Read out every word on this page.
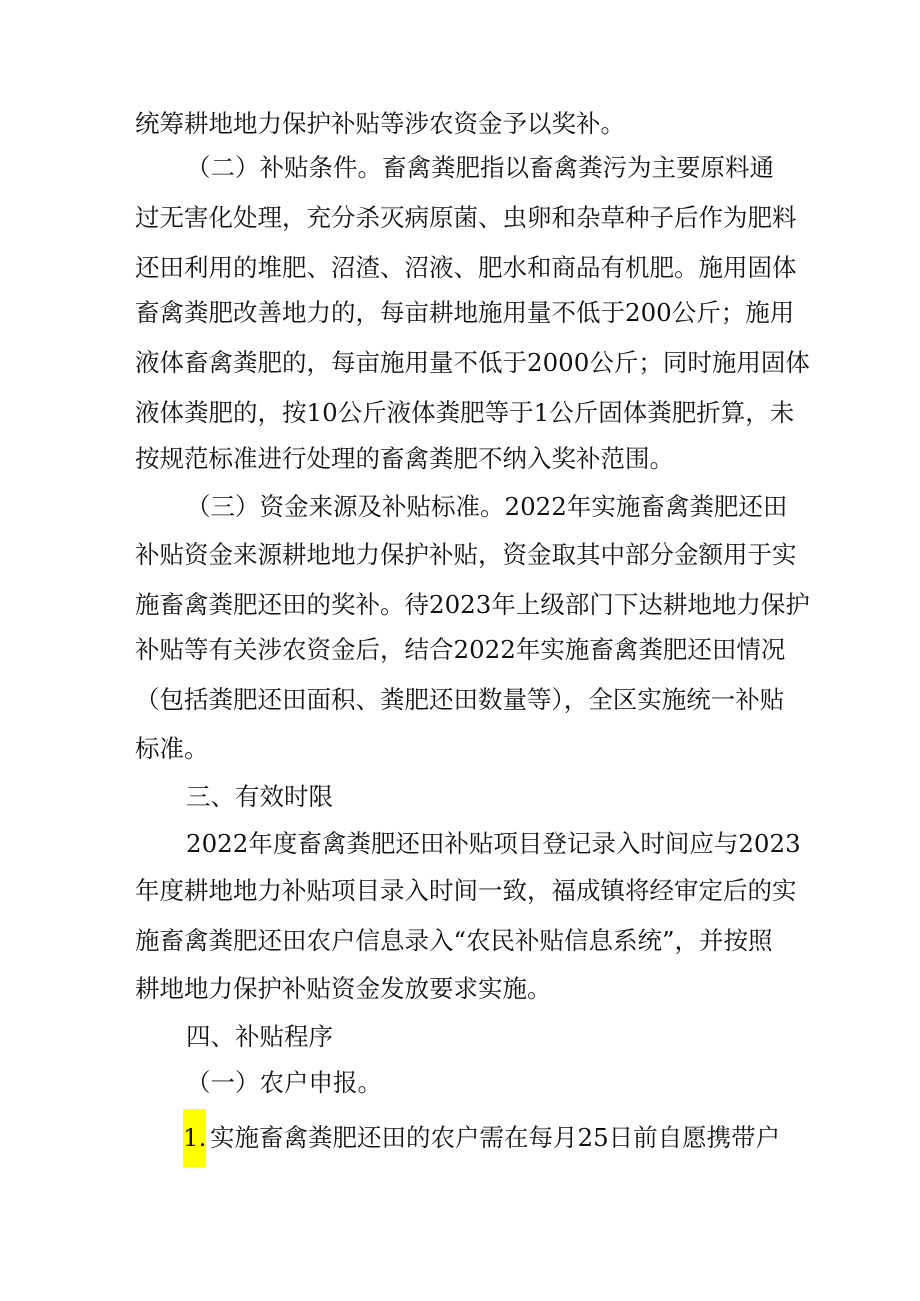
统筹耕地地力保护补贴等涉农资金予以奖补。
（二）补贴条件。畜禽粪肥指以畜禽粪污为主要原料通
过无害化处理，充分杀灭病原菌、虫卵和杂草种子后作为肥料
还田利用的堆肥、沼渣、沼液、肥水和商品有机肥。施用固体
畜禽粪肥改善地力的，每亩耕地施用量不低于200公斤；施用
液体畜禽粪肥的，每亩施用量不低于2000公斤；同时施用固体
液体粪肥的，按10公斤液体粪肥等于1公斤固体粪肥折算，未
按规范标准进行处理的畜禽粪肥不纳入奖补范围。
（三）资金来源及补贴标准。2022年实施畜禽粪肥还田
补贴资金来源耕地地力保护补贴，资金取其中部分金额用于实
施畜禽粪肥还田的奖补。待2023年上级部门下达耕地地力保护
补贴等有关涉农资金后，结合2022年实施畜禽粪肥还田情况
（包括粪肥还田面积、粪肥还田数量等），全区实施统一补贴
标准。
三、有效时限
2022年度畜禽粪肥还田补贴项目登记录入时间应与2023
年度耕地地力补贴项目录入时间一致，福成镇将经审定后的实
施畜禽粪肥还田农户信息录入“农民补贴信息系统”，并按照
耕地地力保护补贴资金发放要求实施。
四、补贴程序
（一）农户申报。
1. 实施畜禽粪肥还田的农户需在每月25日前自愿携带户
